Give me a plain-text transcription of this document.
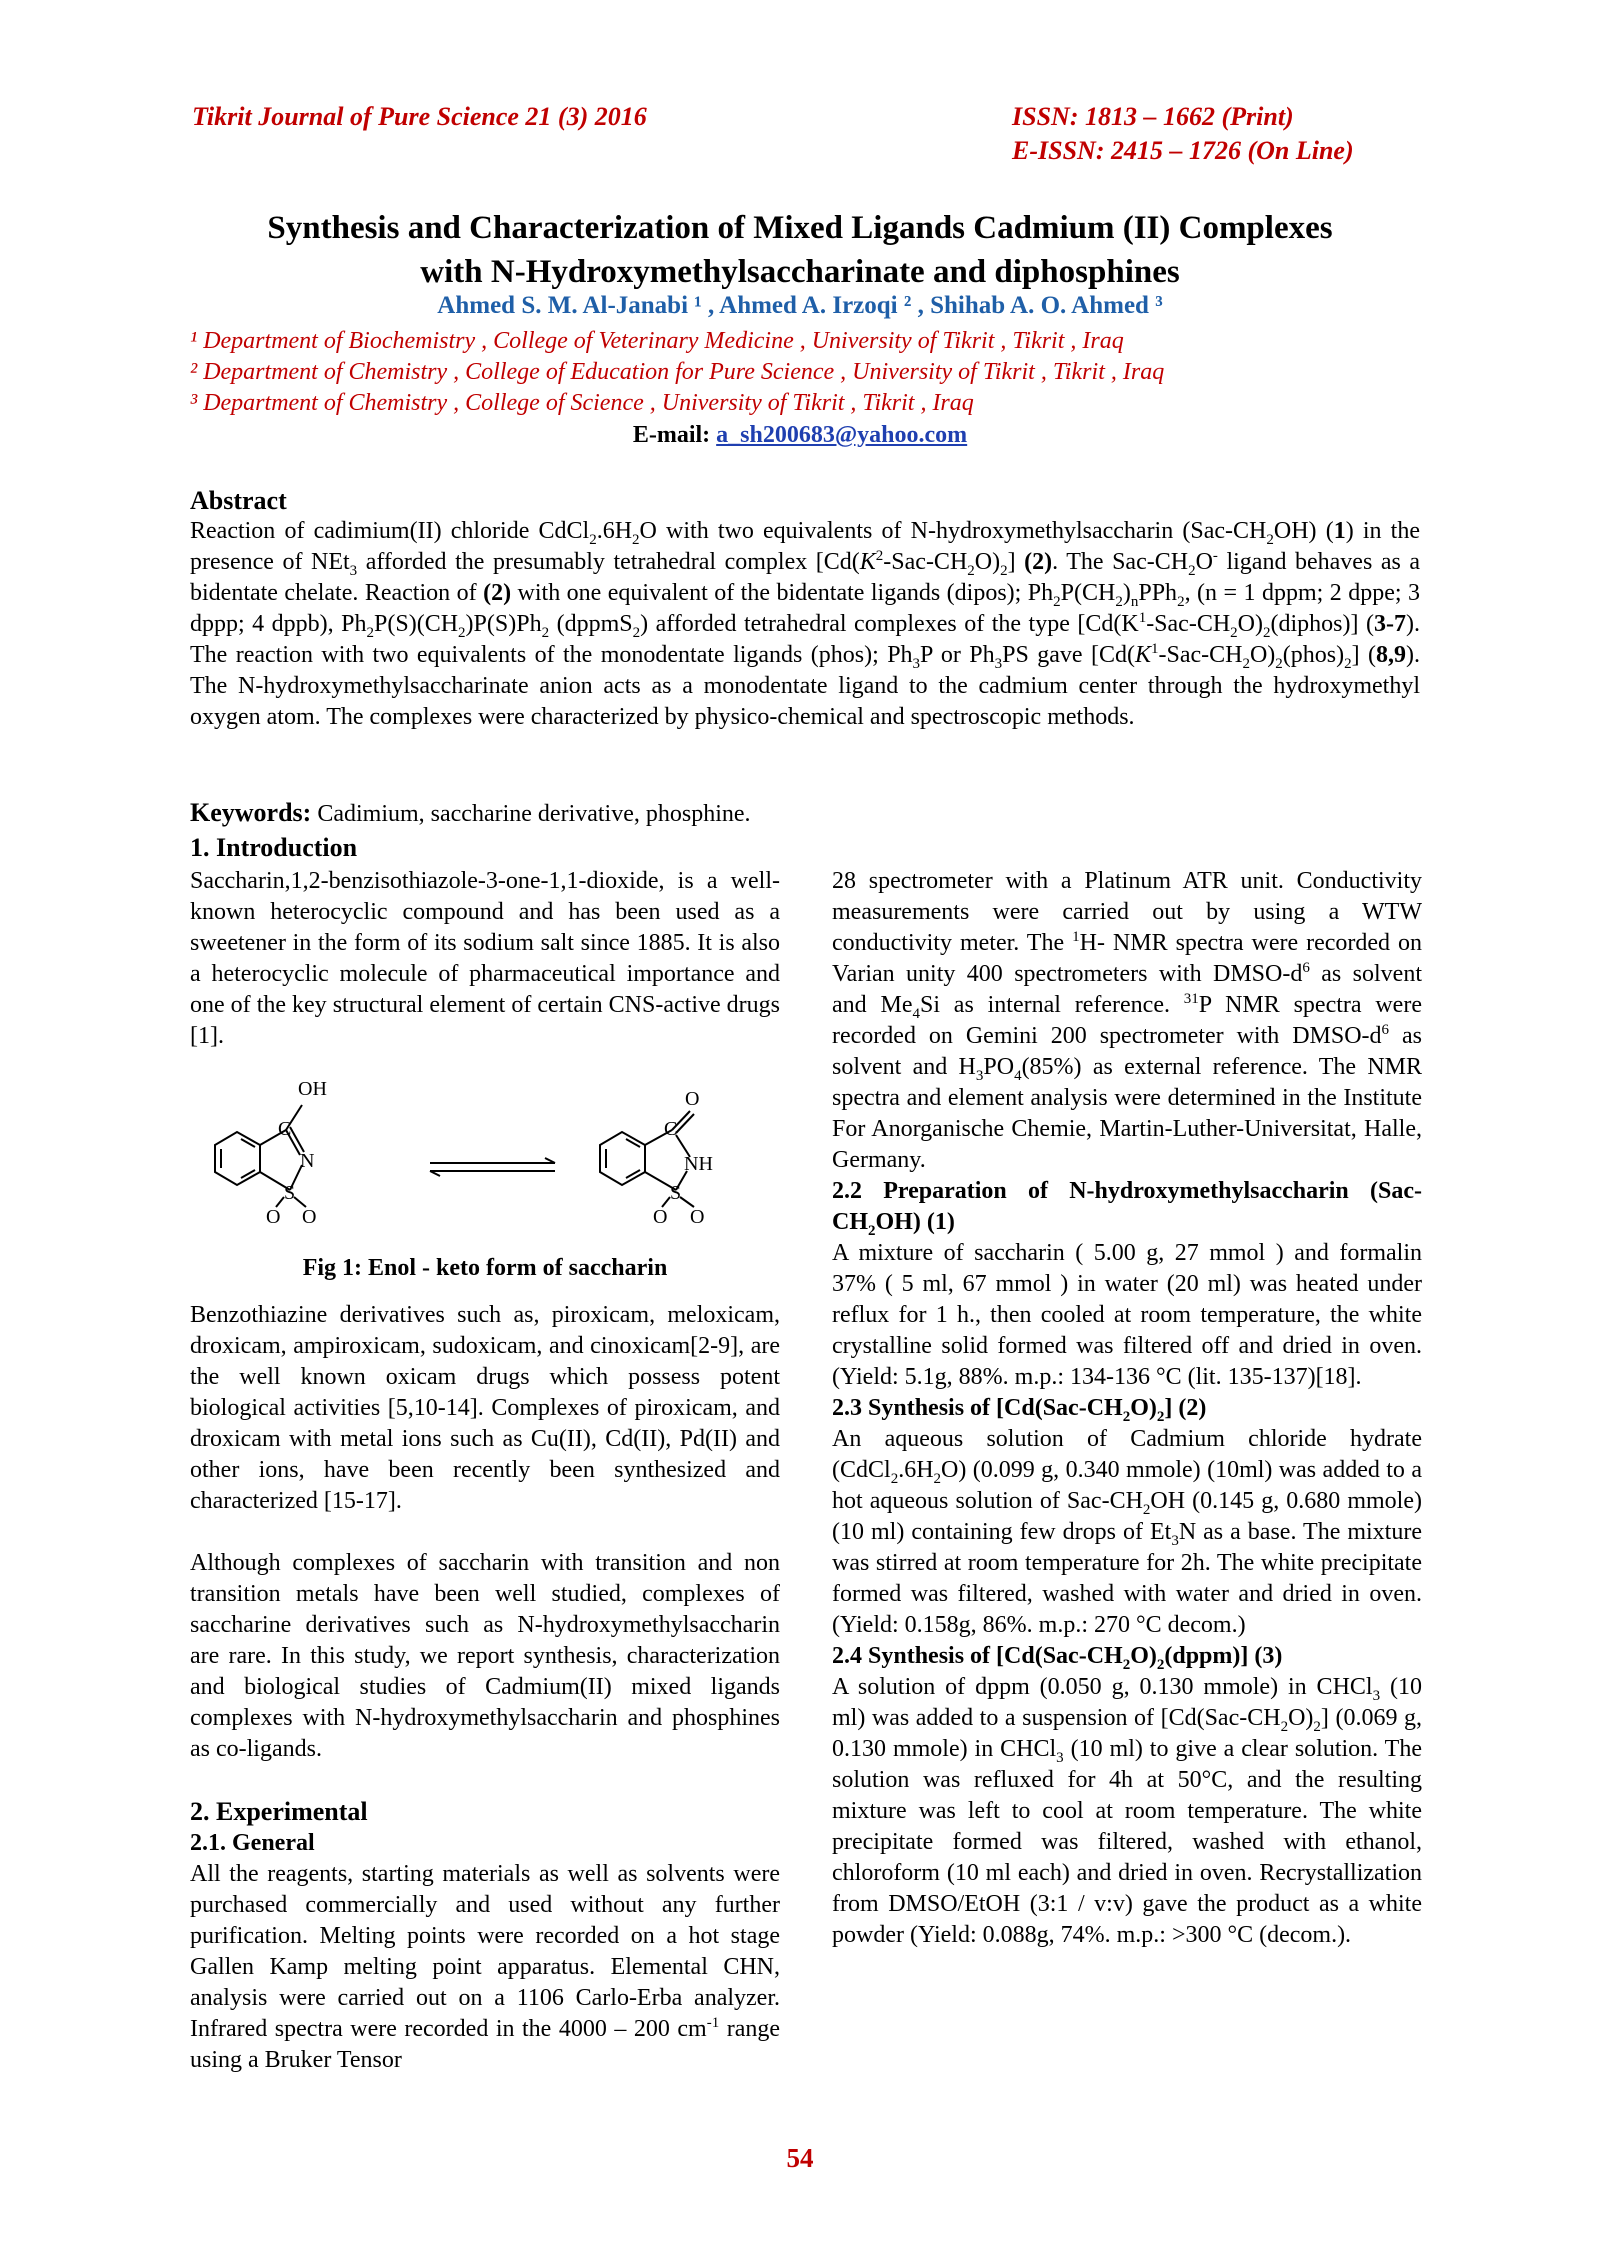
Tikrit Journal of Pure Science 21 (3) 2016	ISSN: 1813 – 1662 (Print)
E-ISSN: 2415 – 1726 (On Line)
Synthesis and Characterization of Mixed Ligands Cadmium (II) Complexes
with N-Hydroxymethylsaccharinate and diphosphines
Ahmed S. M. Al-Janabi ¹ , Ahmed A. Irzoqi ² , Shihab A. O. Ahmed ³
¹ Department of Biochemistry , College of Veterinary Medicine , University of Tikrit , Tikrit , Iraq
² Department of Chemistry , College of Education for Pure Science , University of Tikrit , Tikrit , Iraq
³ Department of Chemistry , College of Science , University of Tikrit , Tikrit , Iraq
E-mail: a_sh200683@yahoo.com
Abstract
Reaction of cadimium(II) chloride $CdCl_2.6H_2O$ with two equivalents of N-hydroxymethylsaccharin $(Sac-CH_2OH)$ (1) in the presence of NEt$_3$ afforded the presumably tetrahedral complex $[Cd(K^2-Sac-CH_2O)_2]$ (2). The Sac-$CH_2O^-$ ligand behaves as a bidentate chelate. Reaction of (2) with one equivalent of the bidentate ligands (dipos); $Ph_2P(CH_2)_nPPh_2$, (n = 1 dppm; 2 dppe; 3 dppp; 4 dppb), $Ph_2P(S)(CH_2)P(S)Ph_2$ (dppmS$_2$) afforded tetrahedral complexes of the type $[Cd(K^1-Sac-CH_2O)_2(diphos)]$ (3-7). The reaction with two equivalents of the monodentate ligands (phos); $Ph_3P$ or $Ph_3PS$ gave $[Cd(K^1-Sac-CH_2O)_2(phos)_2]$ (8,9). The N-hydroxymethylsaccharinate anion acts as a monodentate ligand to the cadmium center through the hydroxymethyl oxygen atom. The complexes were characterized by physico-chemical and spectroscopic methods.
Keywords: Cadimium, saccharine derivative, phosphine.
1. Introduction
Saccharin,1,2-benzisothiazole-3-one-1,1-dioxide, is a well-known heterocyclic compound and has been used as a sweetener in the form of its sodium salt since 1885. It is also a heterocyclic molecule of pharmaceutical importance and one of the key structural element of certain CNS-active drugs [1].
OH
C
N
S
O O
O
C
NH
S
O O
Fig 1: Enol - keto form of saccharin
Benzothiazine derivatives such as, piroxicam, meloxicam, droxicam, ampiroxicam, sudoxicam, and cinoxicam[2-9], are the well known oxicam drugs which possess potent biological activities [5,10-14]. Complexes of piroxicam, and droxicam with metal ions such as Cu(II), Cd(II), Pd(II) and other ions, have been recently been synthesized and characterized [15-17].
Although complexes of saccharin with transition and non transition metals have been well studied, complexes of saccharine derivatives such as N-hydroxymethylsaccharin are rare. In this study, we report synthesis, characterization and biological studies of Cadmium(II) mixed ligands complexes with N-hydroxymethylsaccharin and phosphines as co-ligands.
2. Experimental
2.1. General
All the reagents, starting materials as well as solvents were purchased commercially and used without any further purification. Melting points were recorded on a hot stage Gallen Kamp melting point apparatus. Elemental CHN, analysis were carried out on a 1106 Carlo-Erba analyzer. Infrared spectra were recorded in the 4000 – 200 $cm^{-1}$ range using a Bruker Tensor

28 spectrometer with a Platinum ATR unit. Conductivity measurements were carried out by using a WTW conductivity meter. The $^1$H- NMR spectra were recorded on Varian unity 400 spectrometers with DMSO-$d^6$ as solvent and $Me_4Si$ as internal reference. $^{31}$P NMR spectra were recorded on Gemini 200 spectrometer with DMSO-$d^6$ as solvent and $H_3PO_4(85\%)$ as external reference. The NMR spectra and element analysis were determined in the Institute For Anorganische Chemie, Martin-Luther-Universitat, Halle, Germany.

2.2 Preparation of N-hydroxymethylsaccharin $(Sac-CH_2OH)$ (1)

A mixture of saccharin ( 5.00 g, 27 mmol ) and formalin 37% ( 5 ml, 67 mmol ) in water (20 ml) was heated under reflux for 1 h., then cooled at room temperature, the white crystalline solid formed was filtered off and dried in oven. (Yield: 5.1g, 88%. m.p.: 134-136 °C (lit. 135-137)[18].

2.3 Synthesis of $[Cd(Sac-CH_2O)_2]$ (2)

An aqueous solution of Cadmium chloride hydrate $(CdCl_2.6H_2O)$ (0.099 g, 0.340 mmole) (10ml) was added to a hot aqueous solution of Sac-$CH_2OH$ (0.145 g, 0.680 mmole) (10 ml) containing few drops of $Et_3N$ as a base. The mixture was stirred at room temperature for 2h. The white precipitate formed was filtered, washed with water and dried in oven. (Yield: 0.158g, 86%. m.p.: 270 °C decom.)

2.4 Synthesis of $[Cd(Sac-CH_2O)_2(dppm)]$ (3)

A solution of dppm (0.050 g, 0.130 mmole) in CHCl$_3$ (10 ml) was added to a suspension of $[Cd(Sac-CH_2O)_2]$ (0.069 g, 0.130 mmole) in CHCl$_3$ (10 ml) to give a clear solution. The solution was refluxed for 4h at 50°C, and the resulting mixture was left to cool at room temperature. The white precipitate formed was filtered, washed with ethanol, chloroform (10 ml each) and dried in oven. Recrystallization from DMSO/EtOH (3:1 / v:v) gave the product as a white powder (Yield: 0.088g, 74%. m.p.: >300 °C (decom.).

54
